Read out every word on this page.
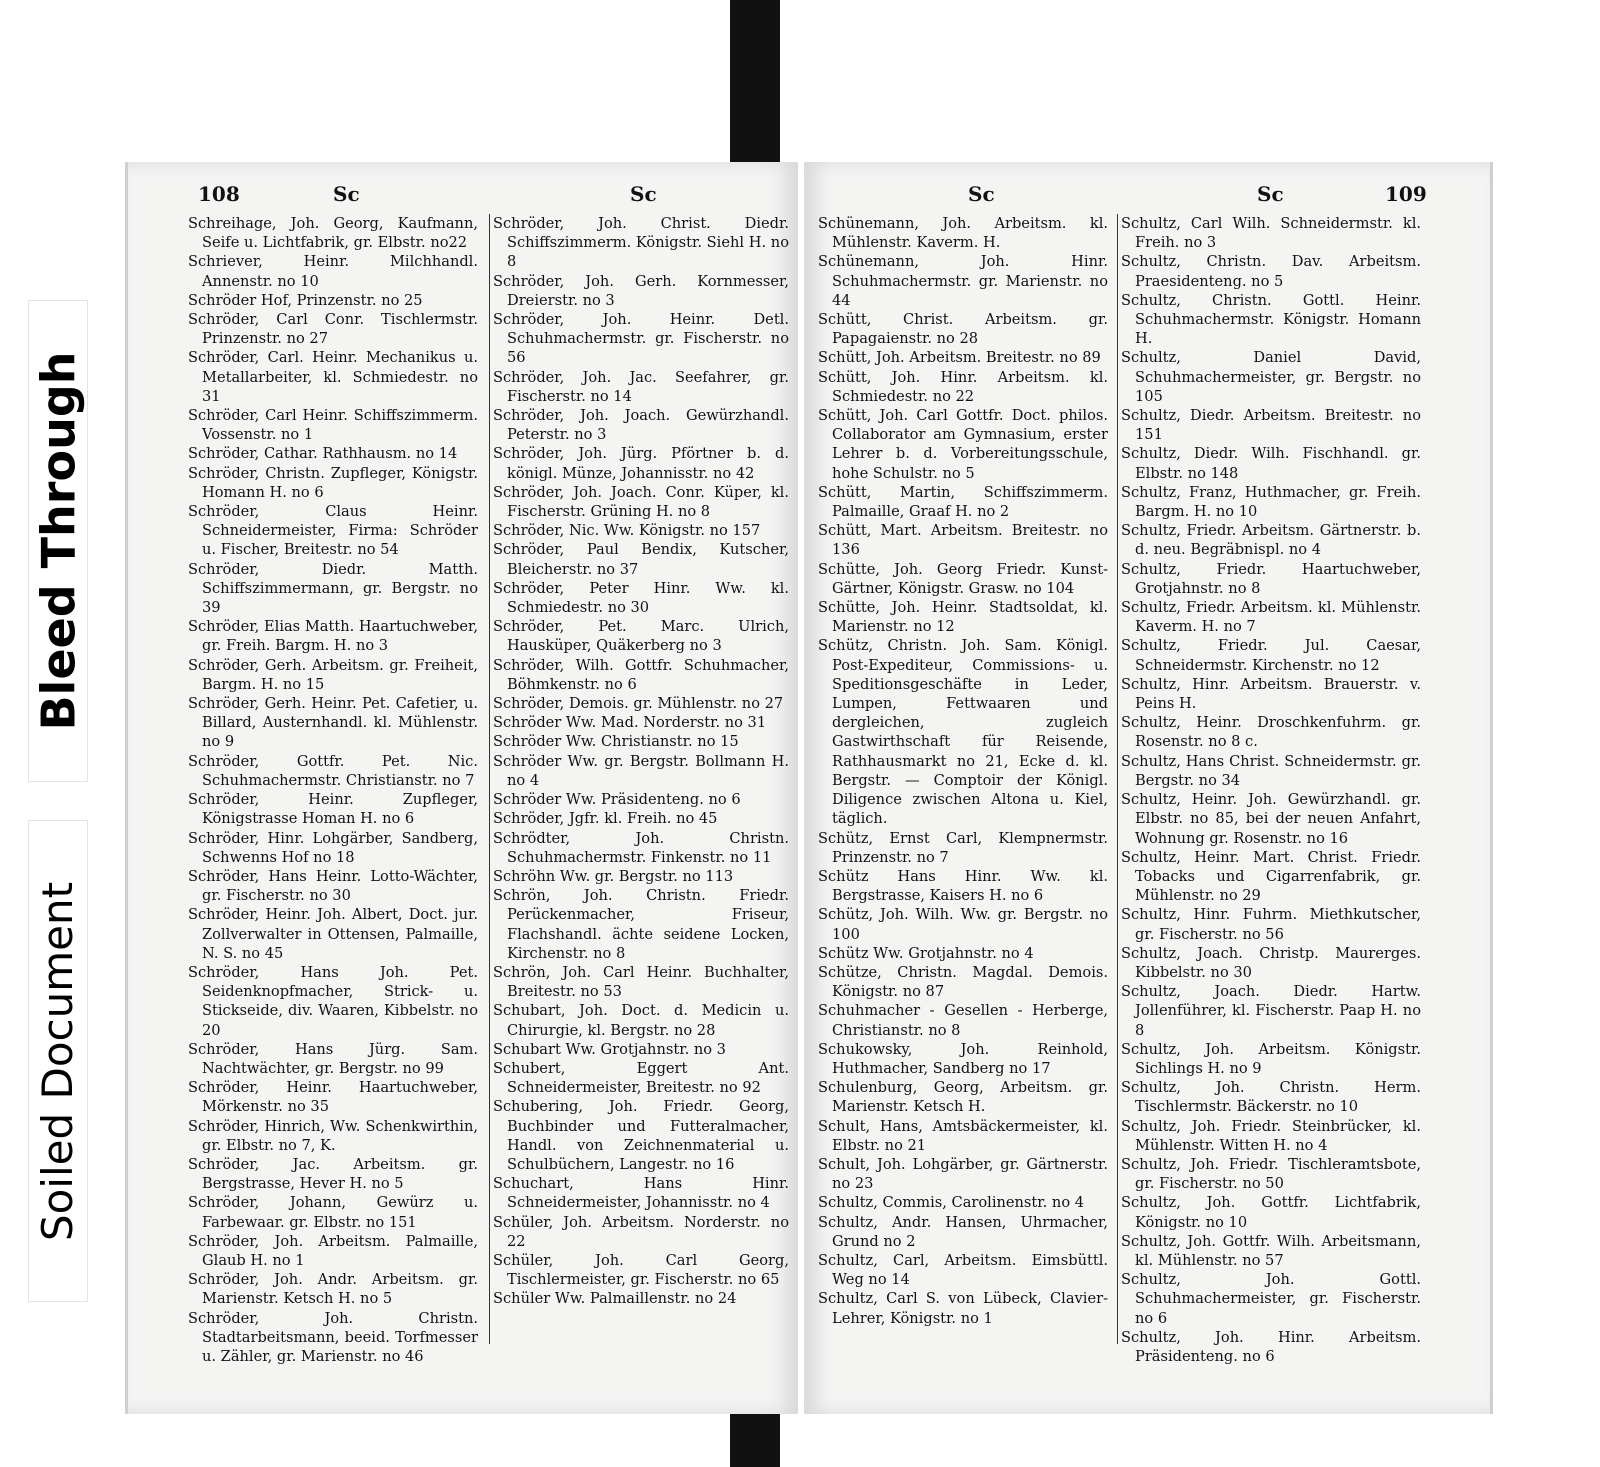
Bleed Through
Soiled Document
108	Sc	Sc	Sc	Sc	109
Schreihage, Joh. Georg, Kaufmann, Seife u. Lichtfabrik, gr. Elbstr. no22
Schriever, Heinr. Milchhandl. Annenstr. no 10
Schröder Hof, Prinzenstr. no 25
Schröder, Carl Conr. Tischlermstr. Prinzenstr. no 27
Schröder, Carl. Heinr. Mechanikus u. Metallarbeiter, kl. Schmiedestr. no 31
Schröder, Carl Heinr. Schiffszimmerm. Vossenstr. no 1
Schröder, Cathar. Rathhausm. no 14
Schröder, Christn. Zupfleger, Königstr. Homann H. no 6
Schröder, Claus Heinr. Schneidermeister, Firma: Schröder u. Fischer, Breitestr. no 54
Schröder, Diedr. Matth. Schiffszimmermann, gr. Bergstr. no 39
Schröder, Elias Matth. Haartuchweber, gr. Freih. Bargm. H. no 3
Schröder, Gerh. Arbeitsm. gr. Freiheit, Bargm. H. no 15
Schröder, Gerh. Heinr. Pet. Cafetier, u. Billard, Austernhandl. kl. Mühlenstr. no 9
Schröder, Gottfr. Pet. Nic. Schuhmachermstr. Christianstr. no 7
Schröder, Heinr. Zupfleger, Königstrasse Homan H. no 6
Schröder, Hinr. Lohgärber, Sandberg, Schwenns Hof no 18
Schröder, Hans Heinr. Lotto-Wächter, gr. Fischerstr. no 30
Schröder, Heinr. Joh. Albert, Doct. jur. Zollverwalter in Ottensen, Palmaille, N. S. no 45
Schröder, Hans Joh. Pet. Seidenknopfmacher, Strick- u. Stickseide, div. Waaren, Kibbelstr. no 20
Schröder, Hans Jürg. Sam. Nachtwächter, gr. Bergstr. no 99
Schröder, Heinr. Haartuchweber, Mörkenstr. no 35
Schröder, Hinrich, Ww. Schenkwirthin, gr. Elbstr. no 7, K.
Schröder, Jac. Arbeitsm. gr. Bergstrasse, Hever H. no 5
Schröder, Johann, Gewürz u. Farbewaar. gr. Elbstr. no 151
Schröder, Joh. Arbeitsm. Palmaille, Glaub H. no 1
Schröder, Joh. Andr. Arbeitsm. gr. Marienstr. Ketsch H. no 5
Schröder, Joh. Christn. Stadtarbeitsmann, beeid. Torfmesser u. Zähler, gr. Marienstr. no 46
Schröder, Joh. Christ. Diedr. Schiffszimmerm. Königstr. Siehl H. no 8
Schröder, Joh. Gerh. Kornmesser, Dreierstr. no 3
Schröder, Joh. Heinr. Detl. Schuhmachermstr. gr. Fischerstr. no 56
Schröder, Joh. Jac. Seefahrer, gr. Fischerstr. no 14
Schröder, Joh. Joach. Gewürzhandl. Peterstr. no 3
Schröder, Joh. Jürg. Pförtner b. d. königl. Münze, Johannisstr. no 42
Schröder, Joh. Joach. Conr. Küper, kl. Fischerstr. Grüning H. no 8
Schröder, Nic. Ww. Königstr. no 157
Schröder, Paul Bendix, Kutscher, Bleicherstr. no 37
Schröder, Peter Hinr. Ww. kl. Schmiedestr. no 30
Schröder, Pet. Marc. Ulrich, Hausküper, Quäkerberg no 3
Schröder, Wilh. Gottfr. Schuhmacher, Böhmkenstr. no 6
Schröder, Demois. gr. Mühlenstr. no 27
Schröder Ww. Mad. Norderstr. no 31
Schröder Ww. Christianstr. no 15
Schröder Ww. gr. Bergstr. Bollmann H. no 4
Schröder Ww. Präsidenteng. no 6
Schröder, Jgfr. kl. Freih. no 45
Schrödter, Joh. Christn. Schuhmachermstr. Finkenstr. no 11
Schröhn Ww. gr. Bergstr. no 113
Schrön, Joh. Christn. Friedr. Perückenmacher, Friseur, Flachshandl. ächte seidene Locken, Kirchenstr. no 8
Schrön, Joh. Carl Heinr. Buchhalter, Breitestr. no 53
Schubart, Joh. Doct. d. Medicin u. Chirurgie, kl. Bergstr. no 28
Schubart Ww. Grotjahnstr. no 3
Schubert, Eggert Ant. Schneidermeister, Breitestr. no 92
Schubering, Joh. Friedr. Georg, Buchbinder und Futteralmacher, Handl. von Zeichnenmaterial u. Schulbüchern, Langestr. no 16
Schuchart, Hans Hinr. Schneidermeister, Johannisstr. no 4
Schüler, Joh. Arbeitsm. Norderstr. no 22
Schüler, Joh. Carl Georg, Tischlermeister, gr. Fischerstr. no 65
Schüler Ww. Palmaillenstr. no 24
Schünemann, Joh. Arbeitsm. kl. Mühlenstr. Kaverm. H.
Schünemann, Joh. Hinr. Schuhmachermstr. gr. Marienstr. no 44
Schütt, Christ. Arbeitsm. gr. Papagaienstr. no 28
Schütt, Joh. Arbeitsm. Breitestr. no 89
Schütt, Joh. Hinr. Arbeitsm. kl. Schmiedestr. no 22
Schütt, Joh. Carl Gottfr. Doct. philos. Collaborator am Gymnasium, erster Lehrer b. d. Vorbereitungsschule, hohe Schulstr. no 5
Schütt, Martin, Schiffszimmerm. Palmaille, Graaf H. no 2
Schütt, Mart. Arbeitsm. Breitestr. no 136
Schütte, Joh. Georg Friedr. Kunst-Gärtner, Königstr. Grasw. no 104
Schütte, Joh. Heinr. Stadtsoldat, kl. Marienstr. no 12
Schütz, Christn. Joh. Sam. Königl. Post-Expediteur, Commissions- u. Speditionsgeschäfte in Leder, Lumpen, Fettwaaren und dergleichen, zugleich Gastwirthschaft für Reisende, Rathhausmarkt no 21, Ecke d. kl. Bergstr. — Comptoir der Königl. Diligence zwischen Altona u. Kiel, täglich.
Schütz, Ernst Carl, Klempnermstr. Prinzenstr. no 7
Schütz Hans Hinr. Ww. kl. Bergstrasse, Kaisers H. no 6
Schütz, Joh. Wilh. Ww. gr. Bergstr. no 100
Schütz Ww. Grotjahnstr. no 4
Schütze, Christn. Magdal. Demois. Königstr. no 87
Schuhmacher - Gesellen - Herberge, Christianstr. no 8
Schukowsky, Joh. Reinhold, Huthmacher, Sandberg no 17
Schulenburg, Georg, Arbeitsm. gr. Marienstr. Ketsch H.
Schult, Hans, Amtsbäckermeister, kl. Elbstr. no 21
Schult, Joh. Lohgärber, gr. Gärtnerstr. no 23
Schultz, Commis, Carolinenstr. no 4
Schultz, Andr. Hansen, Uhrmacher, Grund no 2
Schultz, Carl, Arbeitsm. Eimsbüttl. Weg no 14
Schultz, Carl S. von Lübeck, Clavier-Lehrer, Königstr. no 1
Schultz, Carl Wilh. Schneidermstr. kl. Freih. no 3
Schultz, Christn. Dav. Arbeitsm. Praesidenteng. no 5
Schultz, Christn. Gottl. Heinr. Schuhmachermstr. Königstr. Homann H.
Schultz, Daniel David, Schuhmachermeister, gr. Bergstr. no 105
Schultz, Diedr. Arbeitsm. Breitestr. no 151
Schultz, Diedr. Wilh. Fischhandl. gr. Elbstr. no 148
Schultz, Franz, Huthmacher, gr. Freih. Bargm. H. no 10
Schultz, Friedr. Arbeitsm. Gärtnerstr. b. d. neu. Begräbnispl. no 4
Schultz, Friedr. Haartuchweber, Grotjahnstr. no 8
Schultz, Friedr. Arbeitsm. kl. Mühlenstr. Kaverm. H. no 7
Schultz, Friedr. Jul. Caesar, Schneidermstr. Kirchenstr. no 12
Schultz, Hinr. Arbeitsm. Brauerstr. v. Peins H.
Schultz, Heinr. Droschkenfuhrm. gr. Rosenstr. no 8 c.
Schultz, Hans Christ. Schneidermstr. gr. Bergstr. no 34
Schultz, Heinr. Joh. Gewürzhandl. gr. Elbstr. no 85, bei der neuen Anfahrt, Wohnung gr. Rosenstr. no 16
Schultz, Heinr. Mart. Christ. Friedr. Tobacks und Cigarrenfabrik, gr. Mühlenstr. no 29
Schultz, Hinr. Fuhrm. Miethkutscher, gr. Fischerstr. no 56
Schultz, Joach. Christp. Maurerges. Kibbelstr. no 30
Schultz, Joach. Diedr. Hartw. Jollenführer, kl. Fischerstr. Paap H. no 8
Schultz, Joh. Arbeitsm. Königstr. Sichlings H. no 9
Schultz, Joh. Christn. Herm. Tischlermstr. Bäckerstr. no 10
Schultz, Joh. Friedr. Steinbrücker, kl. Mühlenstr. Witten H. no 4
Schultz, Joh. Friedr. Tischleramtsbote, gr. Fischerstr. no 50
Schultz, Joh. Gottfr. Lichtfabrik, Königstr. no 10
Schultz, Joh. Gottfr. Wilh. Arbeitsmann, kl. Mühlenstr. no 57
Schultz, Joh. Gottl. Schuhmachermeister, gr. Fischerstr. no 6
Schultz, Joh. Hinr. Arbeitsm. Präsidenteng. no 6
